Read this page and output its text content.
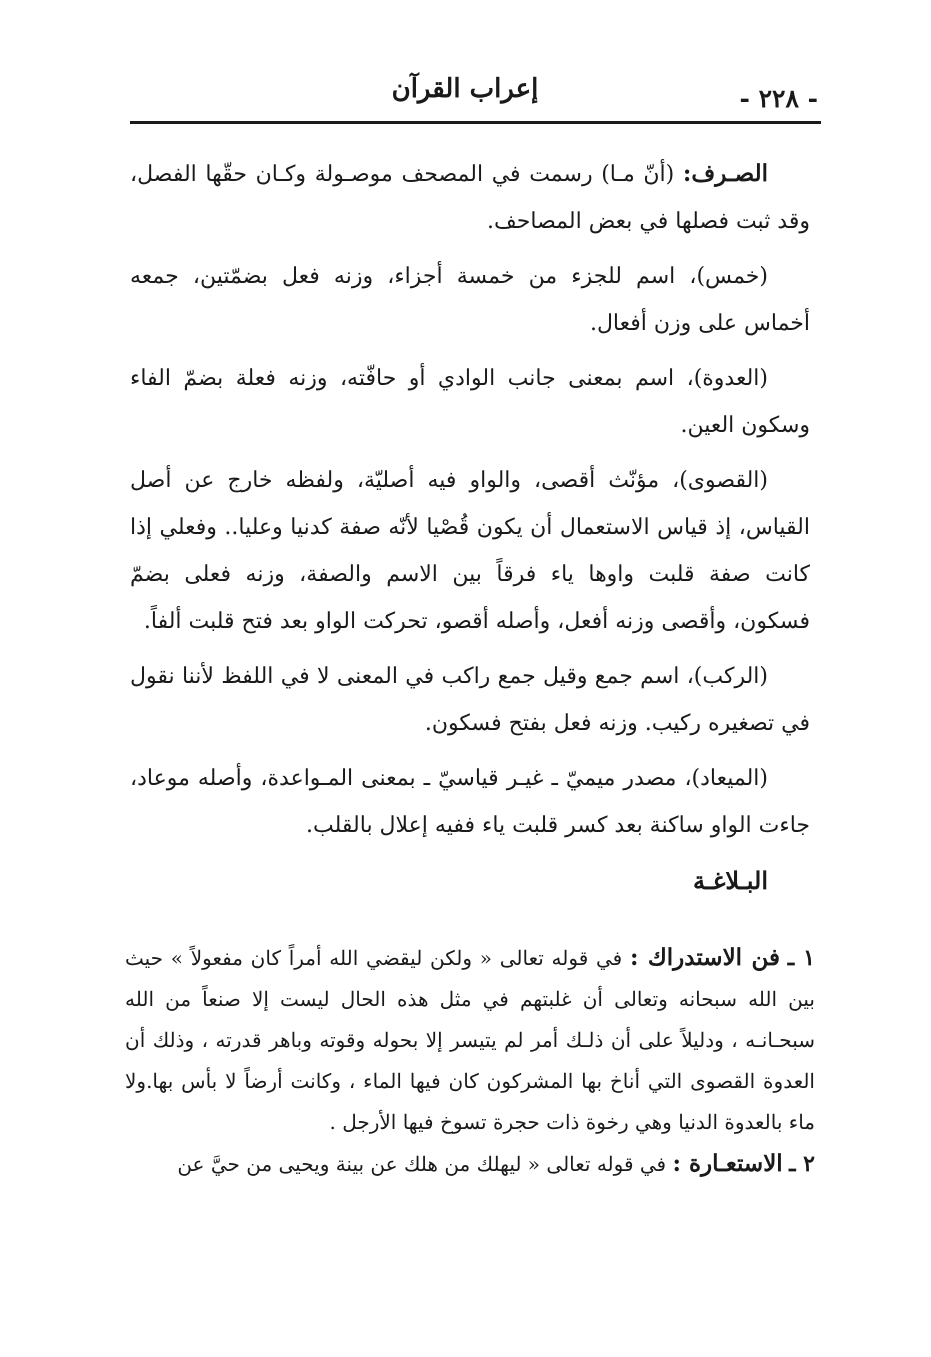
- ٢٢٨ -
إعراب القرآن

الصـرف: (أنّ مـا) رسمت في المصحف موصـولة وكـان حقّها الفصل، وقد ثبت فصلها في بعض المصاحف.

(خمس)، اسم للجزء من خمسة أجزاء، وزنه فعل بضمّتين، جمعه أخماس على وزن أفعال.

(العدوة)، اسم بمعنى جانب الوادي أو حافّته، وزنه فعلة بضمّ الفاء وسكون العين.

(القصوى)، مؤنّث أقصى، والواو فيه أصليّة، ولفظه خارج عن أصل القياس، إذ قياس الاستعمال أن يكون قُصْيا لأنّه صفة كدنيا وعليا.. وفعلي إذا كانت صفة قلبت واوها ياء فرقاً بين الاسم والصفة، وزنه فعلى بضمّ فسكون، وأقصى وزنه أفعل، وأصله أقصو، تحركت الواو بعد فتح قلبت ألفاً.

(الركب)، اسم جمع وقيل جمع راكب في المعنى لا في اللفظ لأننا نقول في تصغيره ركيب. وزنه فعل بفتح فسكون.

(الميعاد)، مصدر ميميّ ـ غيـر قياسيّ ـ بمعنى المـواعدة، وأصله موعاد، جاءت الواو ساكنة بعد كسر قلبت ياء ففيه إعلال بالقلب.

البـلاغـة

١ ـ فن الاستدراك : في قوله تعالى « ولكن ليقضي الله أمراً كان مفعولاً » حيث بين الله سبحانه وتعالى أن غلبتهم في مثل هذه الحال ليست إلا صنعاً من الله سبحـانـه ، ودليلاً على أن ذلـك أمر لم يتيسر إلا بحوله وقوته وباهر قدرته ، وذلك أن العدوة القصوى التي أناخ بها المشركون كان فيها الماء ، وكانت أرضاً لا بأس بها.ولا ماء بالعدوة الدنيا وهي رخوة ذات حجرة تسوخ فيها الأرجل .

٢ ـ الاستعـارة : في قوله تعالى « ليهلك من هلك عن بينة ويحيى من حيَّ عن
